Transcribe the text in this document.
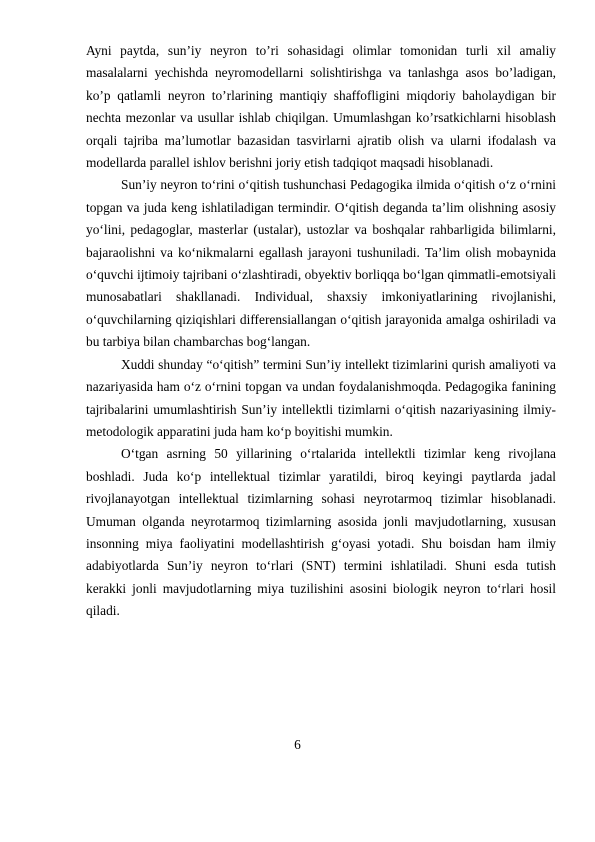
Ayni paytda, sun’iy neyron to’ri sohasidagi olimlar tomonidan turli xil amaliy masalalarni yechishda neyromodellarni solishtirishga va tanlashga asos bo’ladigan, ko’p qatlamli neyron to’rlarining mantiqiy shaffofligini miqdoriy baholaydigan bir nechta mezonlar va usullar ishlab chiqilgan. Umumlashgan ko’rsatkichlarni hisoblash orqali tajriba ma’lumotlar bazasidan tasvirlarni ajratib olish va ularni ifodalash va modellarda parallel ishlov berishni joriy etish tadqiqot maqsadi hisoblanadi.

Sun’iy neyron to‘rini o‘qitish tushunchasi Pedagogika ilmida o‘qitish o‘z o‘rnini topgan va juda keng ishlatiladigan termindir. O‘qitish deganda ta’lim olishning asosiy yo‘lini, pedagoglar, masterlar (ustalar), ustozlar va boshqalar rahbarligida bilimlarni, bajaraolishni va ko‘nikmalarni egallash jarayoni tushuniladi. Ta’lim olish mobaynida o‘quvchi ijtimoiy tajribani o‘zlashtiradi, obyektiv borliqqa bo‘lgan qimmatli-emotsiyali munosabatlari shakllanadi. Individual, shaxsiy imkoniyatlarining rivojlanishi, o‘quvchilarning qiziqishlari differensiallangan o‘qitish jarayonida amalga oshiriladi va bu tarbiya bilan chambarchas bog‘langan.

Xuddi shunday “o‘qitish” termini Sun’iy intellekt tizimlarini qurish amaliyoti va nazariyasida ham o‘z o‘rnini topgan va undan foydalanishmoqda. Pedagogika fanining tajribalarini umumlashtirish Sun’iy intellektli tizimlarni o‘qitish nazariyasining ilmiy-metodologik apparatini juda ham ko‘p boyitishi mumkin.

O‘tgan asrning 50 yillarining o‘rtalarida intellektli tizimlar keng rivojlana boshladi. Juda ko‘p intellektual tizimlar yaratildi, biroq keyingi paytlarda jadal rivojlanayotgan intellektual tizimlarning sohasi neyrotarmoq tizimlar hisoblanadi. Umuman olganda neyrotarmoq tizimlarning asosida jonli mavjudotlarning, xususan insonning miya faoliyatini modellashtirish g‘oyasi yotadi. Shu boisdan ham ilmiy adabiyotlarda Sun’iy neyron to‘rlari (SNT) termini ishlatiladi. Shuni esda tutish kerakki jonli mavjudotlarning miya tuzilishini asosini biologik neyron to‘rlari hosil qiladi.

6
